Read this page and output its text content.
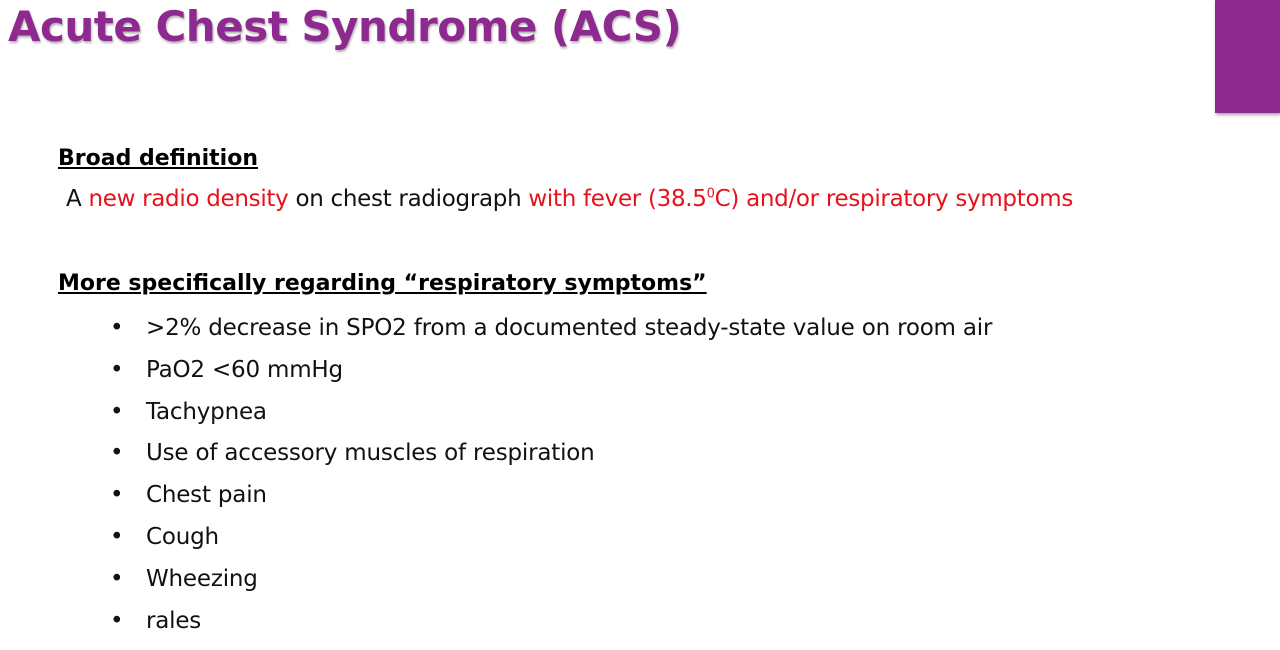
Acute Chest Syndrome (ACS)
Broad definition
A new radio density on chest radiograph with fever (38.5$^0$C) and/or respiratory symptoms
More specifically regarding “respiratory symptoms”
• >2% decrease in SPO2 from a documented steady-state value on room air
• PaO2 <60 mmHg
• Tachypnea
• Use of accessory muscles of respiration
• Chest pain
• Cough
• Wheezing
• rales
